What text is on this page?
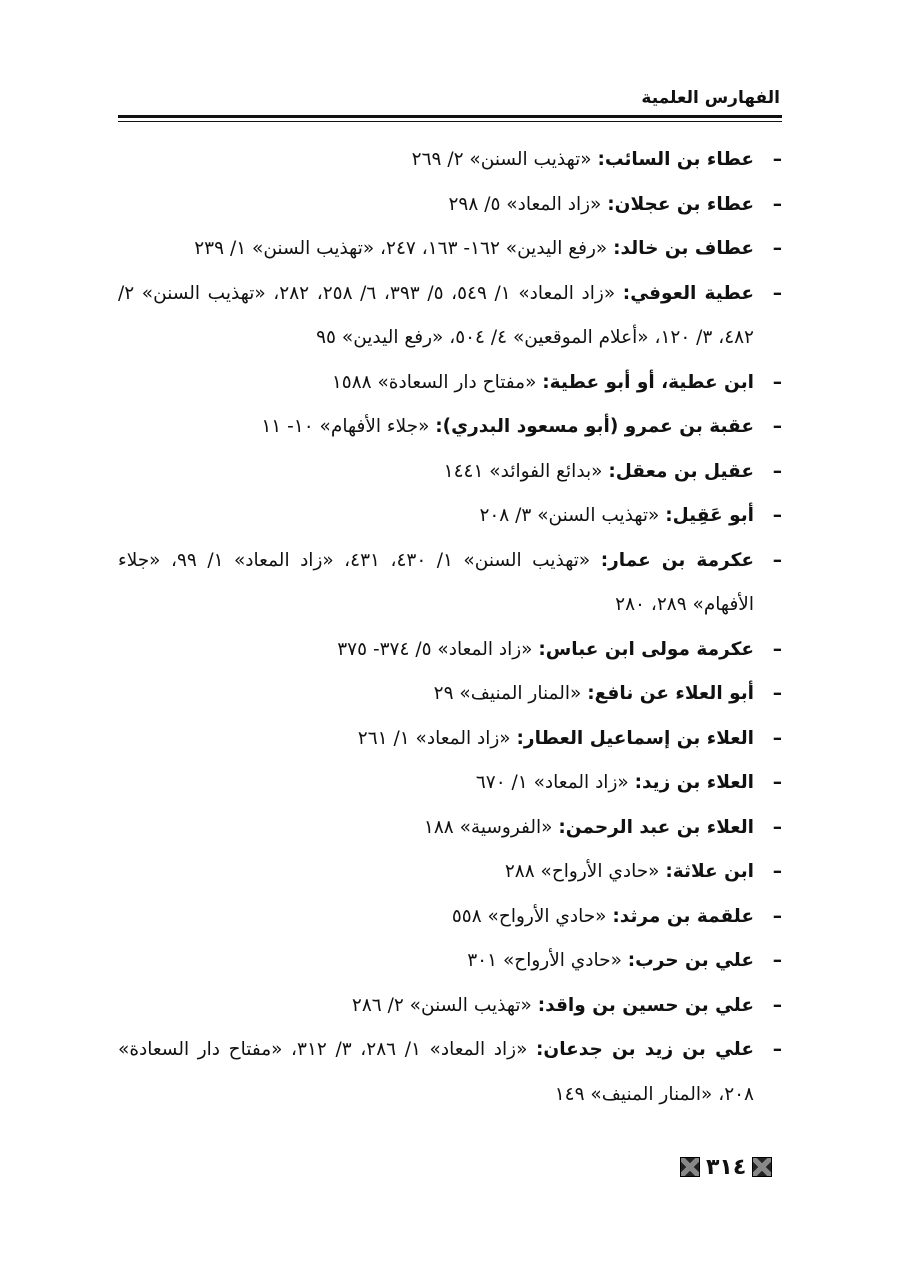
الفهارس العلمية
–
عطاء بن السائب: «تهذيب السنن» ٢/ ٢٦٩
–
عطاء بن عجلان: «زاد المعاد» ٥/ ٢٩٨
–
عطاف بن خالد: «رفع اليدين» ١٦٢- ١٦٣، ٢٤٧، «تهذيب السنن» ١/ ٢٣٩
–
عطية العوفي: «زاد المعاد» ١/ ٥٤٩، ٥/ ٣٩٣، ٦/ ٢٥٨، ٢٨٢، «تهذيب السنن» ٢/ ٤٨٢، ٣/ ١٢٠، «أعلام الموقعين» ٤/ ٥٠٤، «رفع اليدين» ٩٥
–
ابن عطية، أو أبو عطية: «مفتاح دار السعادة» ١٥٨٨
–
عقبة بن عمرو (أبو مسعود البدري): «جلاء الأفهام» ١٠- ١١
–
عقيل بن معقل: «بدائع الفوائد» ١٤٤١
–
أبو عَقِيل: «تهذيب السنن» ٣/ ٢٠٨
–
عكرمة بن عمار: «تهذيب السنن» ١/ ٤٣٠، ٤٣١، «زاد المعاد» ١/ ٩٩، «جلاء الأفهام» ٢٨٩، ٢٨٠
–
عكرمة مولى ابن عباس: «زاد المعاد» ٥/ ٣٧٤- ٣٧٥
–
أبو العلاء عن نافع: «المنار المنيف» ٢٩
–
العلاء بن إسماعيل العطار: «زاد المعاد» ١/ ٢٦١
–
العلاء بن زيد: «زاد المعاد» ١/ ٦٧٠
–
العلاء بن عبد الرحمن: «الفروسية» ١٨٨
–
ابن علاثة: «حادي الأرواح» ٢٨٨
–
علقمة بن مرثد: «حادي الأرواح» ٥٥٨
–
علي بن حرب: «حادي الأرواح» ٣٠١
–
علي بن حسين بن واقد: «تهذيب السنن» ٢/ ٢٨٦
–
علي بن زيد بن جدعان: «زاد المعاد» ١/ ٢٨٦، ٣/ ٣١٢، «مفتاح دار السعادة» ٢٠٨، «المنار المنيف» ١٤٩
٣١٤
